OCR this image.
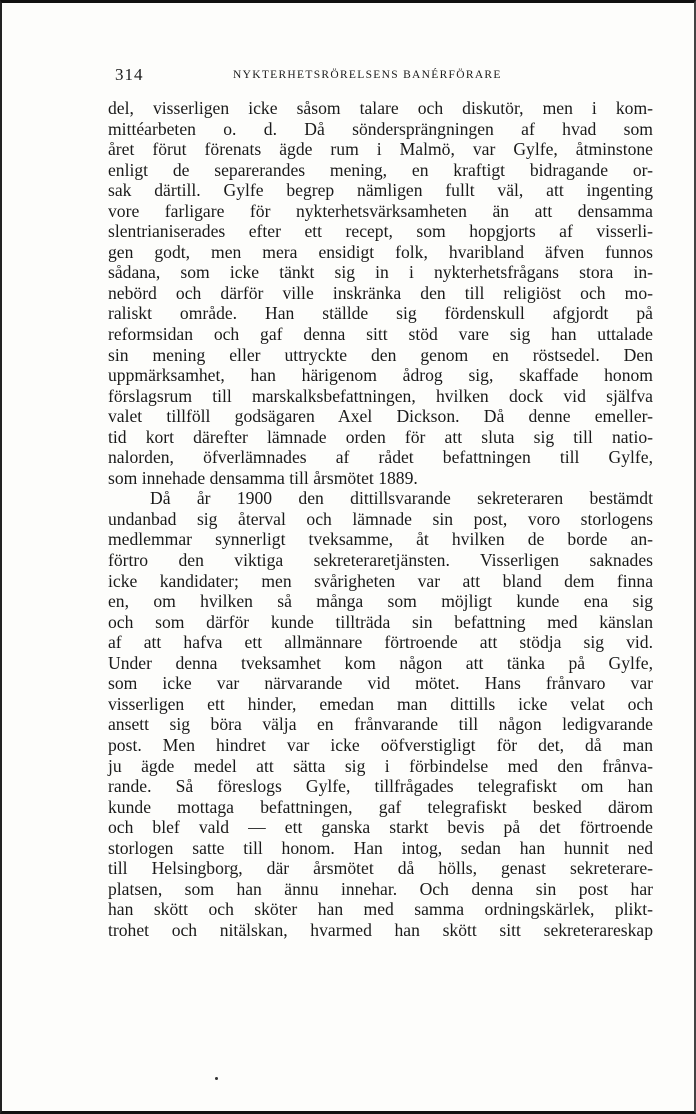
314	NYKTERHETSRÖRELSENS BANÉRFÖRARE
del, visserligen icke såsom talare och diskutör, men i kom-
mittéarbeten o. d. Då söndersprängningen af hvad som
året förut förenats ägde rum i Malmö, var Gylfe, åtminstone
enligt de separerandes mening, en kraftigt bidragande or-
sak därtill. Gylfe begrep nämligen fullt väl, att ingenting
vore farligare för nykterhetsvärksamheten än att densamma
slentrianiserades efter ett recept, som hopgjorts af visserli-
gen godt, men mera ensidigt folk, hvaribland äfven funnos
sådana, som icke tänkt sig in i nykterhetsfrågans stora in-
nebörd och därför ville inskränka den till religiöst och mo-
raliskt område. Han ställde sig fördenskull afgjordt på
reformsidan och gaf denna sitt stöd vare sig han uttalade
sin mening eller uttryckte den genom en röstsedel. Den
uppmärksamhet, han härigenom ådrog sig, skaffade honom
förslagsrum till marskalksbefattningen, hvilken dock vid själfva
valet tillföll godsägaren Axel Dickson. Då denne emeller-
tid kort därefter lämnade orden för att sluta sig till natio-
nalorden, öfverlämnades af rådet befattningen till Gylfe,
som innehade densamma till årsmötet 1889.
Då år 1900 den dittillsvarande sekreteraren bestämdt
undanbad sig återval och lämnade sin post, voro storlogens
medlemmar synnerligt tveksamme, åt hvilken de borde an-
förtro den viktiga sekreteraretjänsten. Visserligen saknades
icke kandidater; men svårigheten var att bland dem finna
en, om hvilken så många som möjligt kunde ena sig
och som därför kunde tillträda sin befattning med känslan
af att hafva ett allmännare förtroende att stödja sig vid.
Under denna tveksamhet kom någon att tänka på Gylfe,
som icke var närvarande vid mötet. Hans frånvaro var
visserligen ett hinder, emedan man dittills icke velat och
ansett sig böra välja en frånvarande till någon ledigvarande
post. Men hindret var icke oöfverstigligt för det, då man
ju ägde medel att sätta sig i förbindelse med den frånva-
rande. Så föreslogs Gylfe, tillfrågades telegrafiskt om han
kunde mottaga befattningen, gaf telegrafiskt besked därom
och blef vald — ett ganska starkt bevis på det förtroende
storlogen satte till honom. Han intog, sedan han hunnit ned
till Helsingborg, där årsmötet då hölls, genast sekreterare-
platsen, som han ännu innehar. Och denna sin post har
han skött och sköter han med samma ordningskärlek, plikt-
trohet och nitälskan, hvarmed han skött sitt sekreterareskap
